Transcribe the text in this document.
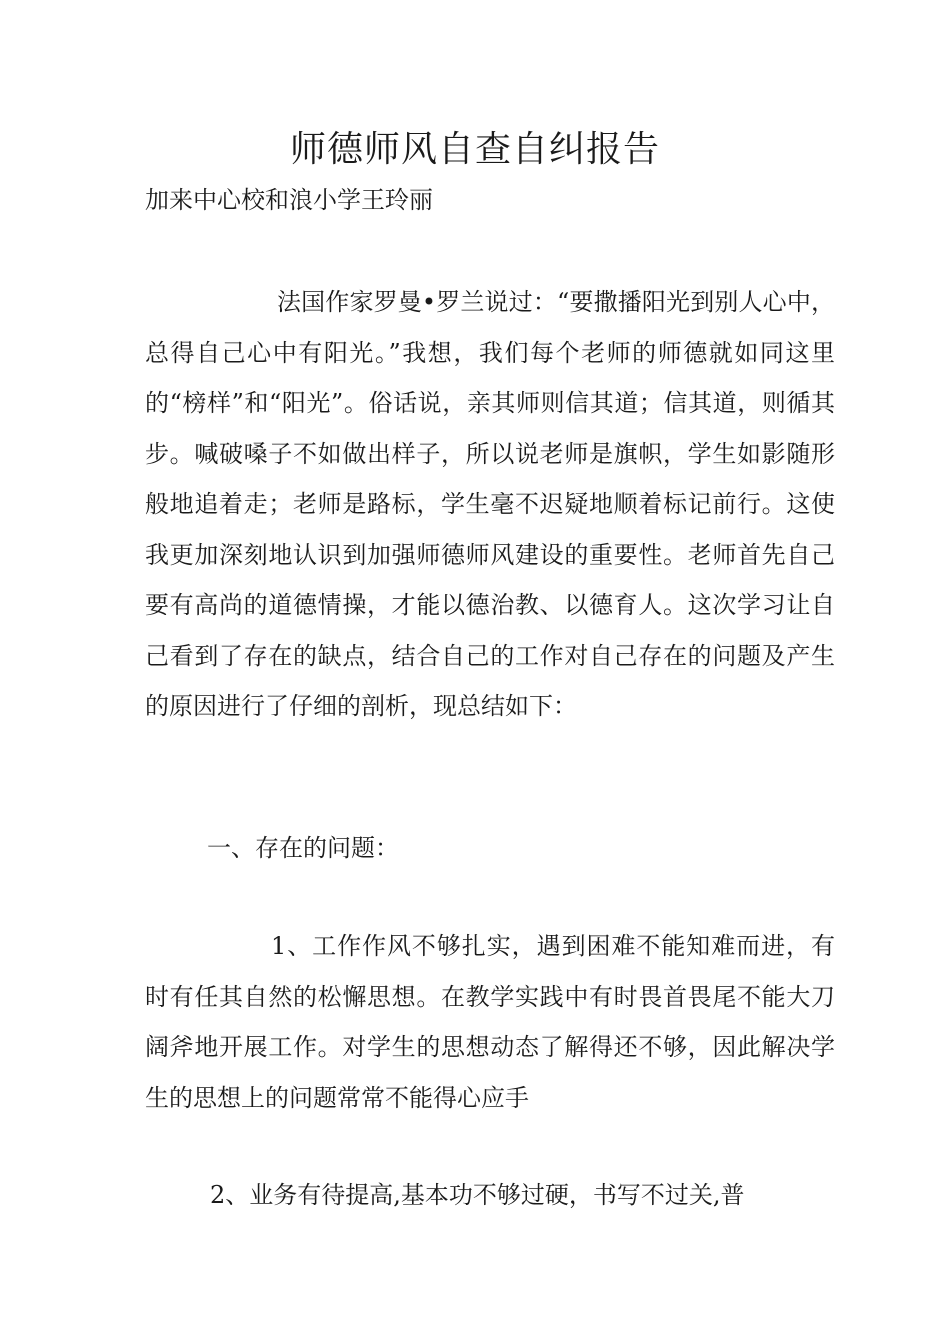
师德师风自查自纠报告

加来中心校和浪小学王玲丽

法国作家罗曼•罗兰说过：“要撒播阳光到别人心中，总得自己心中有阳光。”我想，我们每个老师的师德就如同这里的“榜样”和“阳光”。俗话说，亲其师则信其道；信其道，则循其步。喊破嗓子不如做出样子，所以说老师是旗帜，学生如影随形般地追着走；老师是路标，学生毫不迟疑地顺着标记前行。这使我更加深刻地认识到加强师德师风建设的重要性。老师首先自己要有高尚的道德情操，才能以德治教、以德育人。这次学习让自己看到了存在的缺点，结合自己的工作对自己存在的问题及产生的原因进行了仔细的剖析，现总结如下：

一、存在的问题：

1、工作作风不够扎实，遇到困难不能知难而进，有时有任其自然的松懈思想。在教学实践中有时畏首畏尾不能大刀阔斧地开展工作。对学生的思想动态了解得还不够，因此解决学生的思想上的问题常常不能得心应手

2、业务有待提高,基本功不够过硬，书写不过关,普
